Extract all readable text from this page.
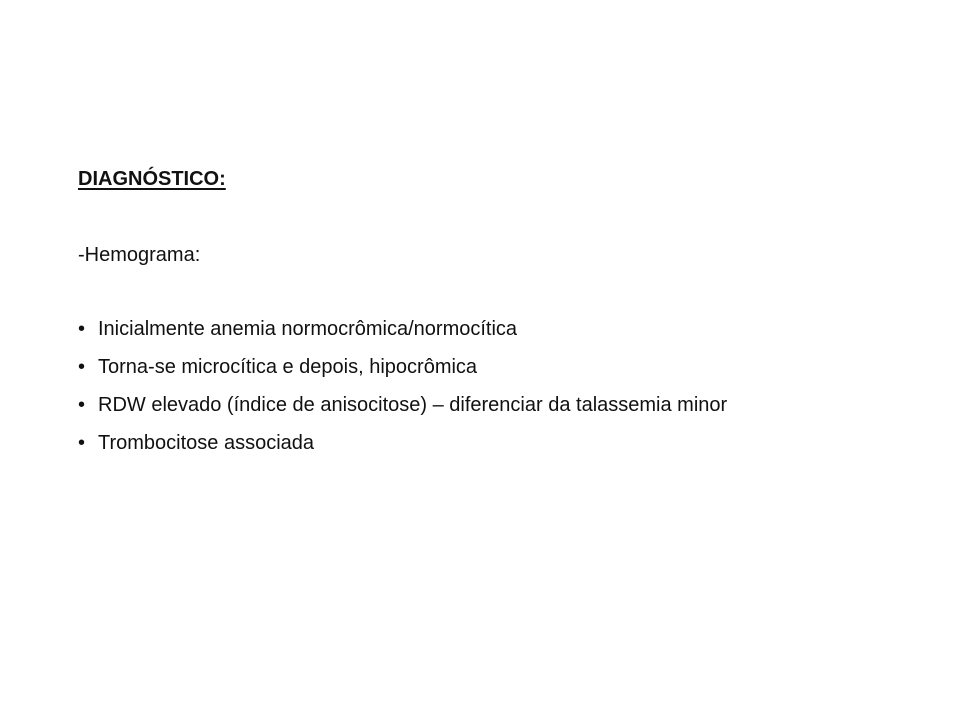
DIAGNÓSTICO:

-Hemograma:

• Inicialmente anemia normocrômica/normocítica
• Torna-se microcítica e depois, hipocrômica
• RDW elevado (índice de anisocitose) – diferenciar da talassemia minor
• Trombocitose associada
